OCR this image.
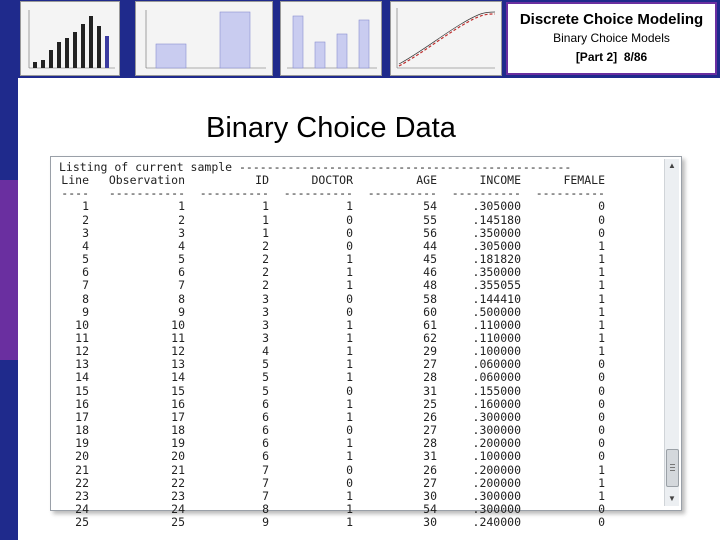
Discrete Choice Modeling
Binary Choice Models
[Part 2] 8/86
Binary Choice Data
Listing of current sample ------------------------------------------------
Line	Observation	ID	DOCTOR	AGE	INCOME	FEMALE
----	-----------	----------	----------	----------	----------	----------
1	1	1	1	54	.305000	0
2	2	1	0	55	.145180	0
3	3	1	0	56	.350000	0
4	4	2	0	44	.305000	1
5	5	2	1	45	.181820	1
6	6	2	1	46	.350000	1
7	7	2	1	48	.355055	1
8	8	3	0	58	.144410	1
9	9	3	0	60	.500000	1
10	10	3	1	61	.110000	1
11	11	3	1	62	.110000	1
12	12	4	1	29	.100000	1
13	13	5	1	27	.060000	0
14	14	5	1	28	.060000	0
15	15	5	0	31	.155000	0
16	16	6	1	25	.160000	0
17	17	6	1	26	.300000	0
18	18	6	0	27	.300000	0
19	19	6	1	28	.200000	0
20	20	6	1	31	.100000	0
21	21	7	0	26	.200000	1
22	22	7	0	27	.200000	1
23	23	7	1	30	.300000	1
24	24	8	1	54	.300000	0
25	25	9	1	30	.240000	0
▲
▼
